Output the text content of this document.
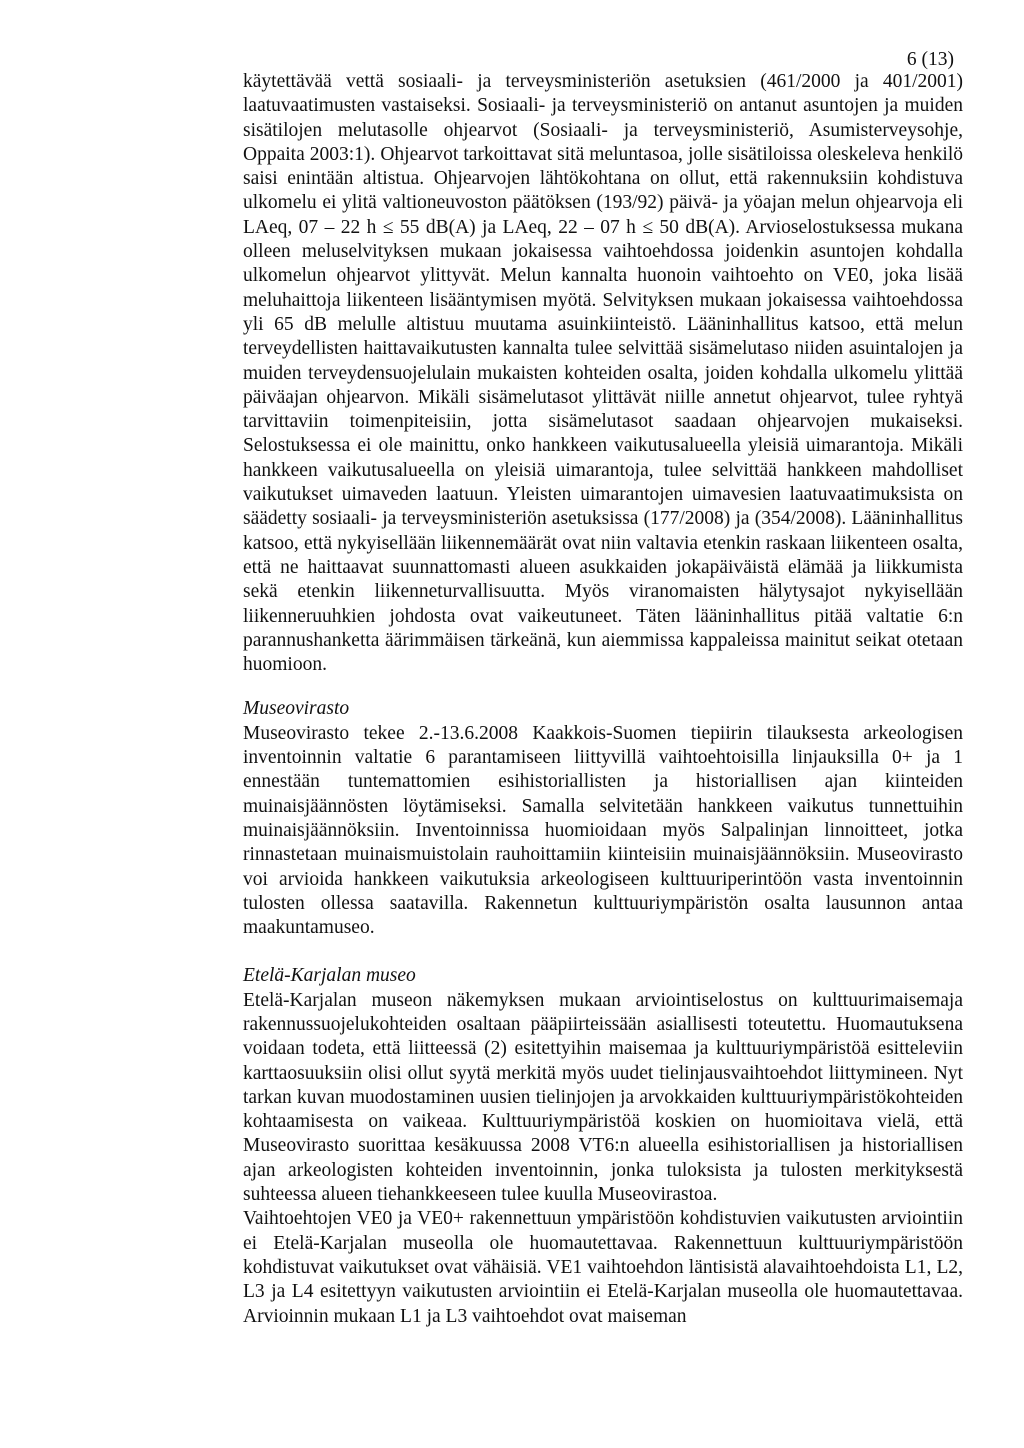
6 (13)

käytettävää vettä sosiaali- ja terveysministeriön asetuksien (461/2000 ja 401/2001) laatuvaatimusten vastaiseksi. Sosiaali- ja terveysministeriö on antanut asuntojen ja muiden sisätilojen melutasolle ohjearvot (Sosiaali- ja terveysministeriö, Asumisterveysohje, Oppaita 2003:1). Ohjearvot tarkoittavat sitä meluntasoa, jolle sisätiloissa oleskeleva henkilö saisi enintään altistua. Ohjearvojen lähtökohtana on ollut, että rakennuksiin kohdistuva ulkomelu ei ylitä valtioneuvoston päätöksen (193/92) päivä- ja yöajan melun ohjearvoja eli LAeq, 07 – 22 h ≤ 55 dB(A) ja LAeq, 22 – 07 h ≤ 50 dB(A). Arvioselostuksessa mukana olleen meluselvityksen mukaan jokaisessa vaihtoehdossa joidenkin asuntojen kohdalla ulkomelun ohjearvot ylittyvät. Melun kannalta huonoin vaihtoehto on VE0, joka lisää meluhaittoja liikenteen lisääntymisen myötä. Selvityksen mukaan jokaisessa vaihtoehdossa yli 65 dB melulle altistuu muutama asuinkiinteistö. Lääninhallitus katsoo, että melun terveydellisten haittavaikutusten kannalta tulee selvittää sisämelutaso niiden asuintalojen ja muiden terveydensuojelulain mukaisten kohteiden osalta, joiden kohdalla ulkomelu ylittää päiväajan ohjearvon. Mikäli sisämelutasot ylittävät niille annetut ohjearvot, tulee ryhtyä tarvittaviin toimenpiteisiin, jotta sisämelutasot saadaan ohjearvojen mukaiseksi. Selostuksessa ei ole mainittu, onko hankkeen vaikutusalueella yleisiä uimarantoja. Mikäli hankkeen vaikutusalueella on yleisiä uimarantoja, tulee selvittää hankkeen mahdolliset vaikutukset uimaveden laatuun. Yleisten uimarantojen uimavesien laatuvaatimuksista on säädetty sosiaali- ja terveysministeriön asetuksissa (177/2008) ja (354/2008). Lääninhallitus katsoo, että nykyisellään liikennemäärät ovat niin valtavia etenkin raskaan liikenteen osalta, että ne haittaavat suunnattomasti alueen asukkaiden jokapäiväistä elämää ja liikkumista sekä etenkin liikenneturvallisuutta. Myös viranomaisten hälytysajot nykyisellään liikenneruuhkien johdosta ovat vaikeutuneet. Täten lääninhallitus pitää valtatie 6:n parannushanketta äärimmäisen tärkeänä, kun aiemmissa kappaleissa mainitut seikat otetaan huomioon.

Museovirasto

Museovirasto tekee 2.-13.6.2008 Kaakkois-Suomen tiepiirin tilauksesta arkeologisen inventoinnin valtatie 6 parantamiseen liittyvillä vaihtoehtoisilla linjauksilla 0+ ja 1 ennestään tuntemattomien esihistoriallisten ja historiallisen ajan kiinteiden muinaisjäännösten löytämiseksi. Samalla selvitetään hankkeen vaikutus tunnettuihin muinaisjäännöksiin. Inventoinnissa huomioidaan myös Salpalinjan linnoitteet, jotka rinnastetaan muinaismuistolain rauhoittamiin kiinteisiin muinaisjäännöksiin. Museovirasto voi arvioida hankkeen vaikutuksia arkeologiseen kulttuuriperintöön vasta inventoinnin tulosten ollessa saatavilla. Rakennetun kulttuuriympäristön osalta lausunnon antaa maakuntamuseo.

Etelä-Karjalan museo

Etelä-Karjalan museon näkemyksen mukaan arviointiselostus on kulttuurimaisemaja rakennussuojelukohteiden osaltaan pääpiirteissään asiallisesti toteutettu. Huomautuksena voidaan todeta, että liitteessä (2) esitettyihin maisemaa ja kulttuuriympäristöä esitteleviin karttaosuuksiin olisi ollut syytä merkitä myös uudet tielinjausvaihtoehdot liittymineen. Nyt tarkan kuvan muodostaminen uusien tielinjojen ja arvokkaiden kulttuuriympäristökohteiden kohtaamisesta on vaikeaa. Kulttuuriympäristöä koskien on huomioitava vielä, että Museovirasto suorittaa kesäkuussa 2008 VT6:n alueella esihistoriallisen ja historiallisen ajan arkeologisten kohteiden inventoinnin, jonka tuloksista ja tulosten merkityksestä suhteessa alueen tiehankkeeseen tulee kuulla Museovirastoa.

Vaihtoehtojen VE0 ja VE0+ rakennettuun ympäristöön kohdistuvien vaikutusten arviointiin ei Etelä-Karjalan museolla ole huomautettavaa. Rakennettuun kulttuuriympäristöön kohdistuvat vaikutukset ovat vähäisiä. VE1 vaihtoehdon läntisistä alavaihtoehdoista L1, L2, L3 ja L4 esitettyyn vaikutusten arviointiin ei Etelä-Karjalan museolla ole huomautettavaa. Arvioinnin mukaan L1 ja L3 vaihtoehdot ovat maiseman
